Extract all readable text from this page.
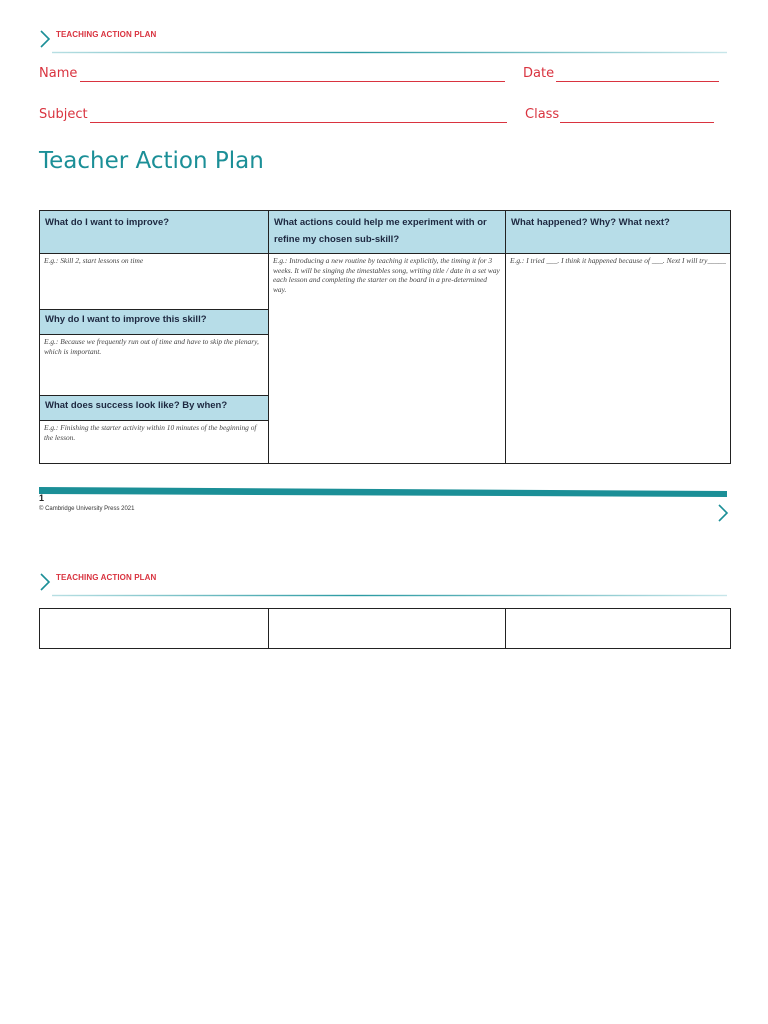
TEACHING ACTION PLAN
Name	Date
Subject	Class
Teacher Action Plan
What do I want to improve?
E.g.: Skill 2, start lessons on time
Why do I want to improve this skill?
E.g.: Because we frequently run out of time and have to skip the plenary, which is important.
What does success look like? By when?
E.g.: Finishing the starter activity within 10 minutes of the beginning of the lesson.
What actions could help me experiment with or refine my chosen sub-skill?
E.g.: Introducing a new routine by teaching it explicitly, the timing it for 3 weeks. It will be singing the timestables song, writing title / date in a set way each lesson and completing the starter on the board in a pre-determined way.
What happened? Why? What next?
E.g.: I tried ___. I think it happened because of ___. Next I will try_____
1
© Cambridge University Press 2021
TEACHING ACTION PLAN
